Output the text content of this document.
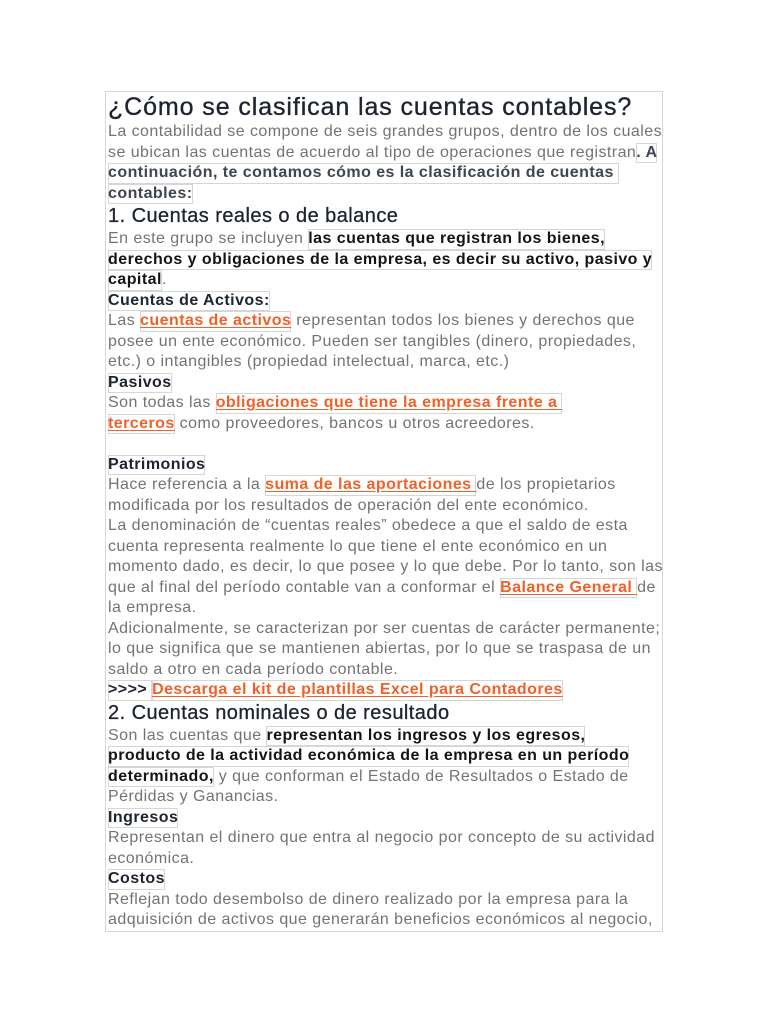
¿Cómo se clasifican las cuentas contables?
La contabilidad se compone de seis grandes grupos, dentro de los cuales
se ubican las cuentas de acuerdo al tipo de operaciones que registran. A
continuación, te contamos cómo es la clasificación de cuentas
contables:
1. Cuentas reales o de balance
En este grupo se incluyen las cuentas que registran los bienes,
derechos y obligaciones de la empresa, es decir su activo, pasivo y
capital.
Cuentas de Activos:
Las cuentas de activos representan todos los bienes y derechos que
posee un ente económico. Pueden ser tangibles (dinero, propiedades,
etc.) o intangibles (propiedad intelectual, marca, etc.)
Pasivos
Son todas las obligaciones que tiene la empresa frente a
terceros como proveedores, bancos u otros acreedores.
Patrimonios
Hace referencia a la suma de las aportaciones de los propietarios
modificada por los resultados de operación del ente económico.
La denominación de “cuentas reales” obedece a que el saldo de esta
cuenta representa realmente lo que tiene el ente económico en un
momento dado, es decir, lo que posee y lo que debe. Por lo tanto, son las
que al final del período contable van a conformar el Balance General de
la empresa.
Adicionalmente, se caracterizan por ser cuentas de carácter permanente;
lo que significa que se mantienen abiertas, por lo que se traspasa de un
saldo a otro en cada período contable.
>>>> Descarga el kit de plantillas Excel para Contadores
2. Cuentas nominales o de resultado
Son las cuentas que representan los ingresos y los egresos,
producto de la actividad económica de la empresa en un período
determinado, y que conforman el Estado de Resultados o Estado de
Pérdidas y Ganancias.
Ingresos
Representan el dinero que entra al negocio por concepto de su actividad
económica.
Costos
Reflejan todo desembolso de dinero realizado por la empresa para la
adquisición de activos que generarán beneficios económicos al negocio,
